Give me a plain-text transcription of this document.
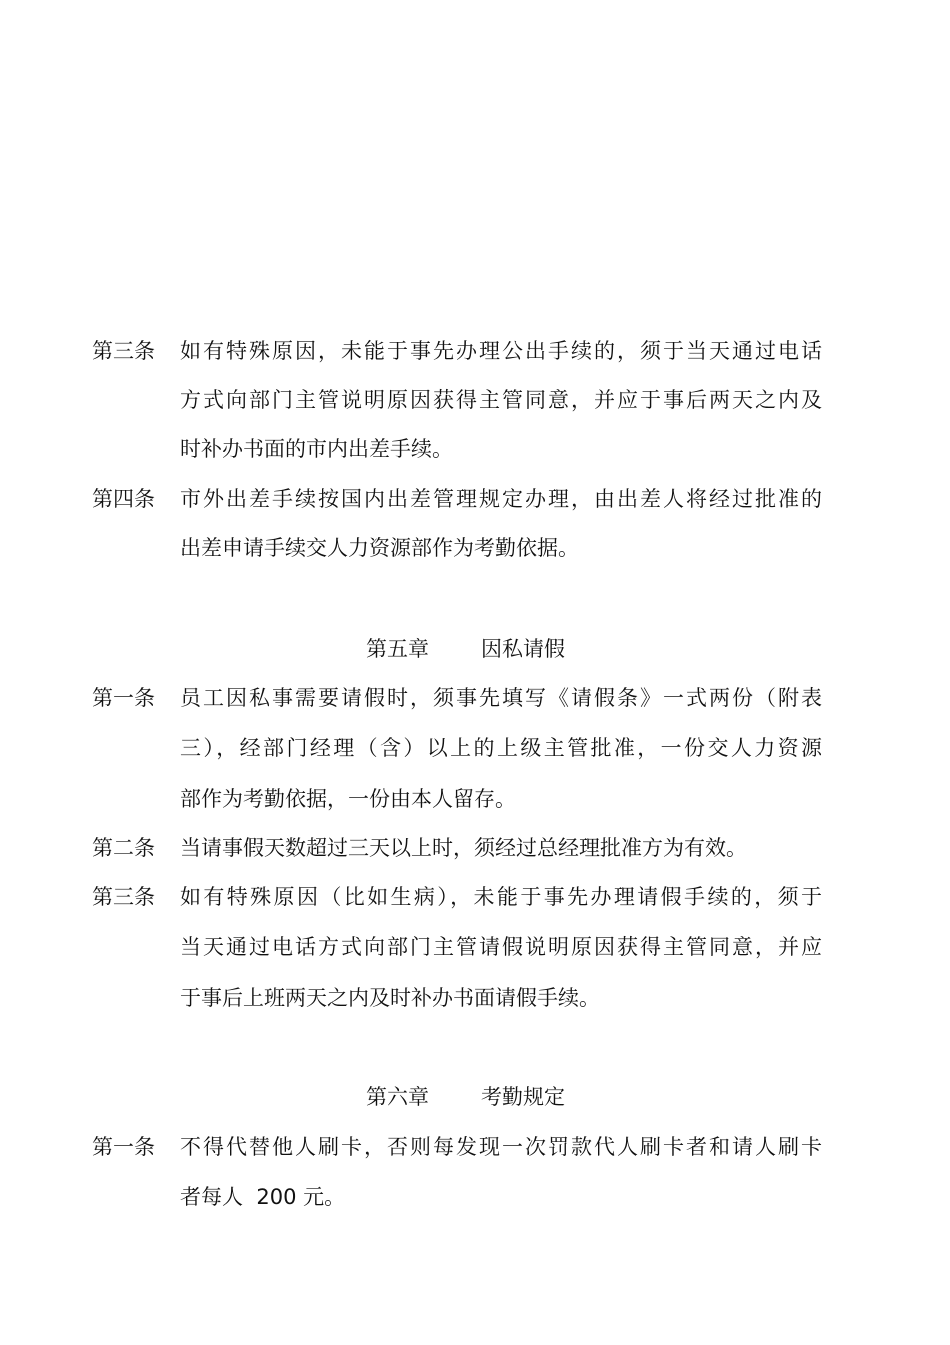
第三条 如有特殊原因，未能于事先办理公出手续的，须于当天通过电话
方式向部门主管说明原因获得主管同意，并应于事后两天之内及
时补办书面的市内出差手续。
第四条 市外出差手续按国内出差管理规定办理，由出差人将经过批准的
出差申请手续交人力资源部作为考勤依据。
第五章 因私请假
第一条 员工因私事需要请假时，须事先填写《请假条》一式两份（附表
三），经部门经理（含）以上的上级主管批准，一份交人力资源
部作为考勤依据，一份由本人留存。
第二条 当请事假天数超过三天以上时，须经过总经理批准方为有效。
第三条 如有特殊原因（比如生病），未能于事先办理请假手续的，须于
当天通过电话方式向部门主管请假说明原因获得主管同意，并应
于事后上班两天之内及时补办书面请假手续。
第六章 考勤规定
第一条 不得代替他人刷卡，否则每发现一次罚款代人刷卡者和请人刷卡
者每人  200 元。
